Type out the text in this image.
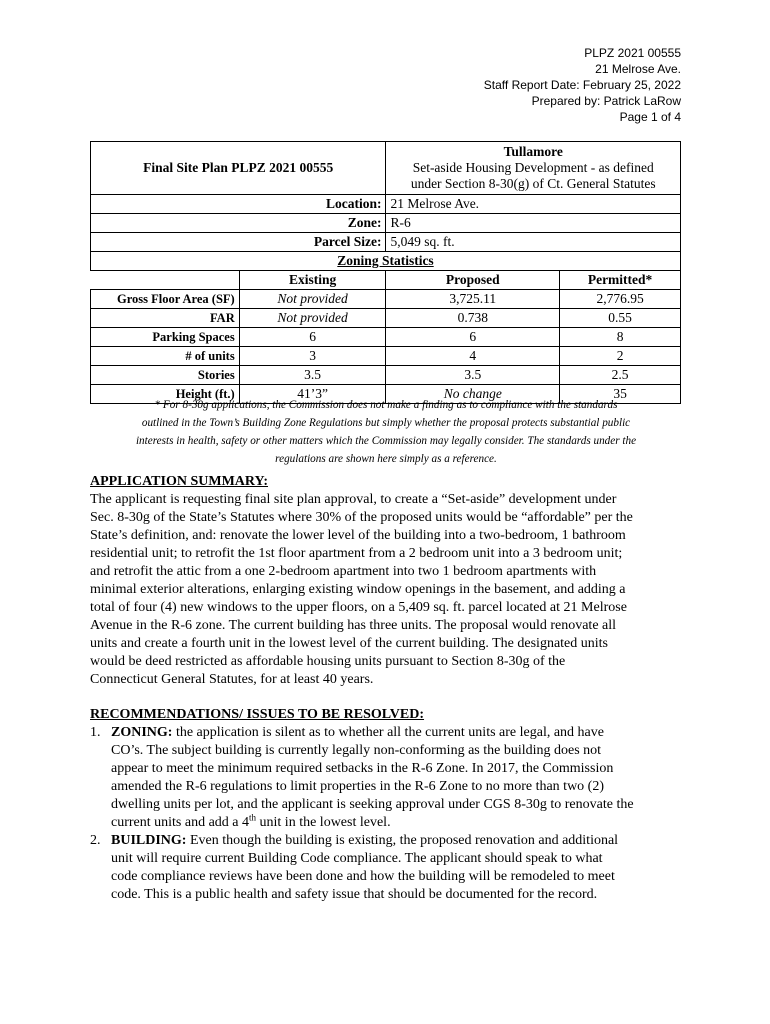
PLPZ 2021 00555
21 Melrose Ave.
Staff Report Date: February 25, 2022
Prepared by: Patrick LaRow
Page 1 of 4
Final Site Plan PLPZ 2021 00555		Tullamore
Set-aside Housing Development - as defined
under Section 8-30(g) of Ct. General Statutes	

Location:		21 Melrose Ave.	
Zone:		R-6	
Parcel Size:		5,049 sq. ft.	
Zoning Statistics			
	Existing	Proposed	Permitted*
Gross Floor Area (SF)	Not provided	3,725.11	2,776.95
FAR	Not provided	0.738	0.55
Parking Spaces	6	6	8
# of units	3	4	2
Stories	3.5	3.5	2.5
Height (ft.)	41’3”	No change	35
* For 8-30g applications, the Commission does not make a finding as to compliance with the standards
outlined in the Town’s Building Zone Regulations but simply whether the proposal protects substantial public
interests in health, safety or other matters which the Commission may legally consider. The standards under the
regulations are shown here simply as a reference.
APPLICATION SUMMARY:
The applicant is requesting final site plan approval, to create a “Set-aside” development under
Sec. 8-30g of the State’s Statutes where 30% of the proposed units would be “affordable” per the
State’s definition, and: renovate the lower level of the building into a two-bedroom, 1 bathroom
residential unit; to retrofit the 1st floor apartment from a 2 bedroom unit into a 3 bedroom unit;
and retrofit the attic from a one 2-bedroom apartment into two 1 bedroom apartments with
minimal exterior alterations, enlarging existing window openings in the basement, and adding a
total of four (4) new windows to the upper floors, on a 5,409 sq. ft. parcel located at 21 Melrose
Avenue in the R-6 zone. The current building has three units. The proposal would renovate all
units and create a fourth unit in the lowest level of the current building. The designated units
would be deed restricted as affordable housing units pursuant to Section 8-30g of the
Connecticut General Statutes, for at least 40 years.
RECOMMENDATIONS/ ISSUES TO BE RESOLVED:
1. ZONING: the application is silent as to whether all the current units are legal, and have
CO’s. The subject building is currently legally non-conforming as the building does not
appear to meet the minimum required setbacks in the R-6 Zone. In 2017, the Commission
amended the R-6 regulations to limit properties in the R-6 Zone to no more than two (2)
dwelling units per lot, and the applicant is seeking approval under CGS 8-30g to renovate the
current units and add a 4th unit in the lowest level.
2. BUILDING: Even though the building is existing, the proposed renovation and additional
unit will require current Building Code compliance. The applicant should speak to what
code compliance reviews have been done and how the building will be remodeled to meet
code. This is a public health and safety issue that should be documented for the record.
